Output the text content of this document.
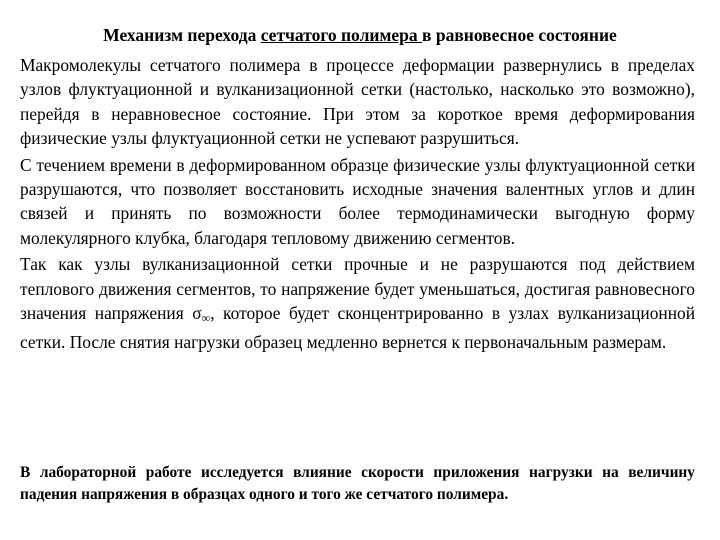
Механизм перехода сетчатого полимера в равновесное состояние

Макромолекулы сетчатого полимера в процессе деформации развернулись в пределах узлов флуктуационной и вулканизационной сетки (настолько, насколько это возможно), перейдя в неравновесное состояние. При этом за короткое время деформирования физические узлы флуктуационной сетки не успевают разрушиться.

С течением времени в деформированном образце физические узлы флуктуационной сетки разрушаются, что позволяет восстановить исходные значения валентных углов и длин связей и принять по возможности более термодинамически выгодную форму молекулярного клубка, благодаря тепловому движению сегментов.

Так как узлы вулканизационной сетки прочные и не разрушаются под действием теплового движения сегментов, то напряжение будет уменьшаться, достигая равновесного значения напряжения $\sigma_\infty$, которое будет сконцентрированно в узлах вулканизационной сетки. После снятия нагрузки образец медленно вернется к первоначальным размерам.

В лабораторной работе исследуется влияние скорости приложения нагрузки на величину падения напряжения в образцах одного и того же сетчатого полимера.
